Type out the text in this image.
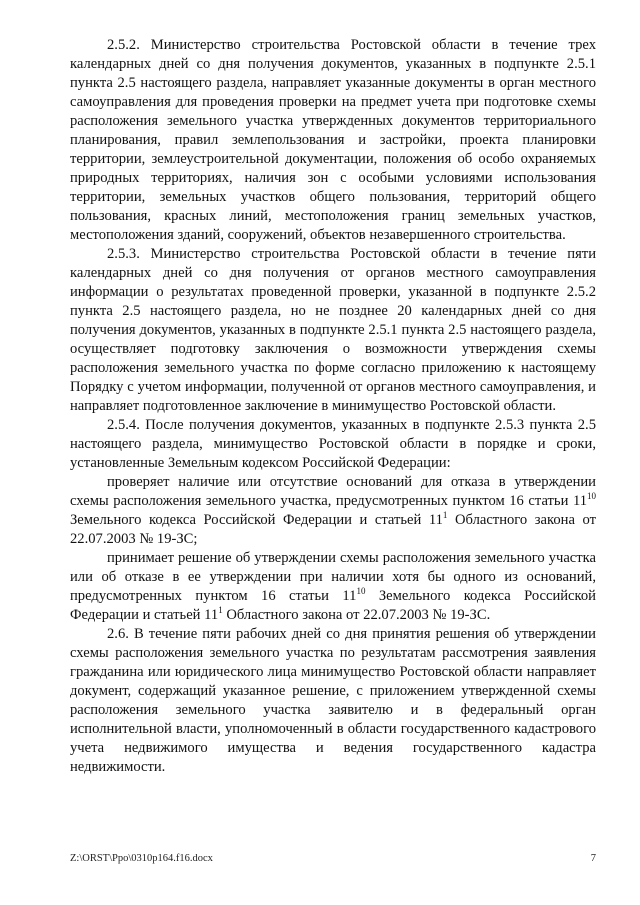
2.5.2. Министерство строительства Ростовской области в течение трех календарных дней со дня получения документов, указанных в подпункте 2.5.1 пункта 2.5 настоящего раздела, направляет указанные документы в орган местного самоуправления для проведения проверки на предмет учета при подготовке схемы расположения земельного участка утвержденных документов территориального планирования, правил землепользования и застройки, проекта планировки территории, землеустроительной документации, положения об особо охраняемых природных территориях, наличия зон с особыми условиями использования территории, земельных участков общего пользования, территорий общего пользования, красных линий, местоположения границ земельных участков, местоположения зданий, сооружений, объектов незавершенного строительства.

2.5.3. Министерство строительства Ростовской области в течение пяти календарных дней со дня получения от органов местного самоуправления информации о результатах проведенной проверки, указанной в подпункте 2.5.2 пункта 2.5 настоящего раздела, но не позднее 20 календарных дней со дня получения документов, указанных в подпункте 2.5.1 пункта 2.5 настоящего раздела, осуществляет подготовку заключения о возможности утверждения схемы расположения земельного участка по форме согласно приложению к настоящему Порядку с учетом информации, полученной от органов местного самоуправления, и направляет подготовленное заключение в минимущество Ростовской области.

2.5.4. После получения документов, указанных в подпункте 2.5.3 пункта 2.5 настоящего раздела, минимущество Ростовской области в порядке и сроки, установленные Земельным кодексом Российской Федерации:

проверяет наличие или отсутствие оснований для отказа в утверждении схемы расположения земельного участка, предусмотренных пунктом 16 статьи $11^{10}$ Земельного кодекса Российской Федерации и статьей $11^1$ Областного закона от 22.07.2003 № 19-ЗС;

принимает решение об утверждении схемы расположения земельного участка или об отказе в ее утверждении при наличии хотя бы одного из оснований, предусмотренных пунктом 16 статьи $11^{10}$ Земельного кодекса Российской Федерации и статьей $11^1$ Областного закона от 22.07.2003 № 19-ЗС.

2.6. В течение пяти рабочих дней со дня принятия решения об утверждении схемы расположения земельного участка по результатам рассмотрения заявления гражданина или юридического лица минимущество Ростовской области направляет документ, содержащий указанное решение, с приложением утвержденной схемы расположения земельного участка заявителю и в федеральный орган исполнительной власти, уполномоченный в области государственного кадастрового учета недвижимого имущества и ведения государственного кадастра недвижимости.

Z:\ORST\Ppo\0310p164.f16.docx	7
